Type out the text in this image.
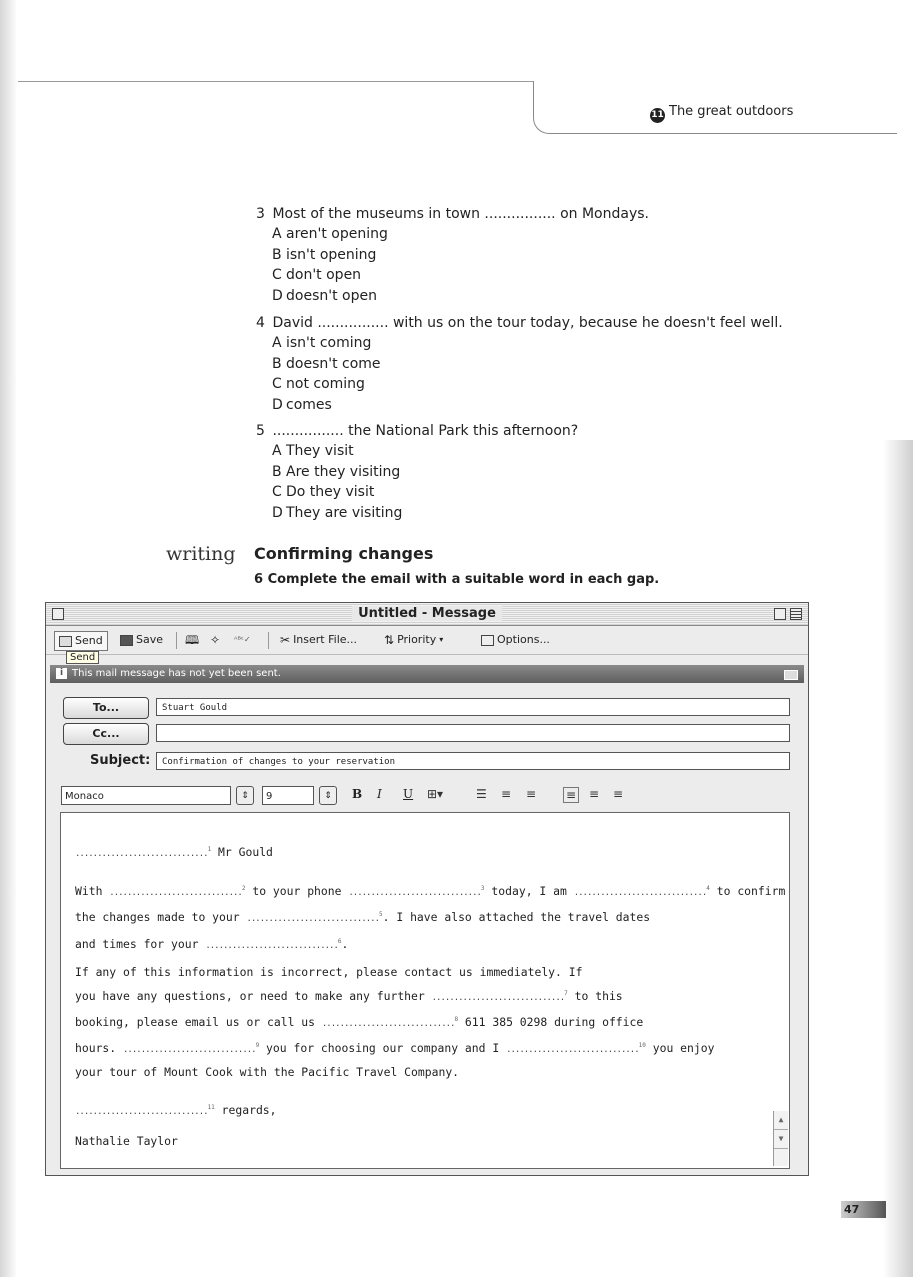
11 The great outdoors
3 Most of the museums in town ................ on Mondays.
A aren't opening
B isn't opening
C don't open
D doesn't open
4 David ................ with us on the tour today, because he doesn't feel well.
A isn't coming
B doesn't come
C not coming
D comes
5 ................ the National Park this afternoon?
A They visit
B Are they visiting
C Do they visit
D They are visiting
writing Confirming changes
6 Complete the email with a suitable word in each gap.
Untitled - Message
Send	Save 🕮 ✧ ᴬᴮᶜ✓ ✂ Insert File... ⇅ Priority ▾	Options...
i This mail message has not yet been sent.
To...	Stuart Gould
Cc...
Subject:	Confirmation of changes to your reservation
Monaco	⇕	9	⇕	B I U ⊞▾	☰ ≡ ≡ ≡ ≡ ≡

..............................$^1$ Mr Gould

With ..............................$^2$ to your phone ..............................$^3$ today, I am ..............................$^4$ to confirm

the changes made to your ..............................$^5$. I have also attached the travel dates

and times for your ..............................$^6$.

If any of this information is incorrect, please contact us immediately. If

you have any questions, or need to make any further ..............................$^7$ to this

booking, please email us or call us ..............................$^8$ 611 385 0298 during office

hours. ..............................$^9$ you for choosing our company and I ..............................$^{10}$ you enjoy

your tour of Mount Cook with the Pacific Travel Company.

..............................$^{11}$ regards,

Nathalie Taylor

▲
▼
Send
47
